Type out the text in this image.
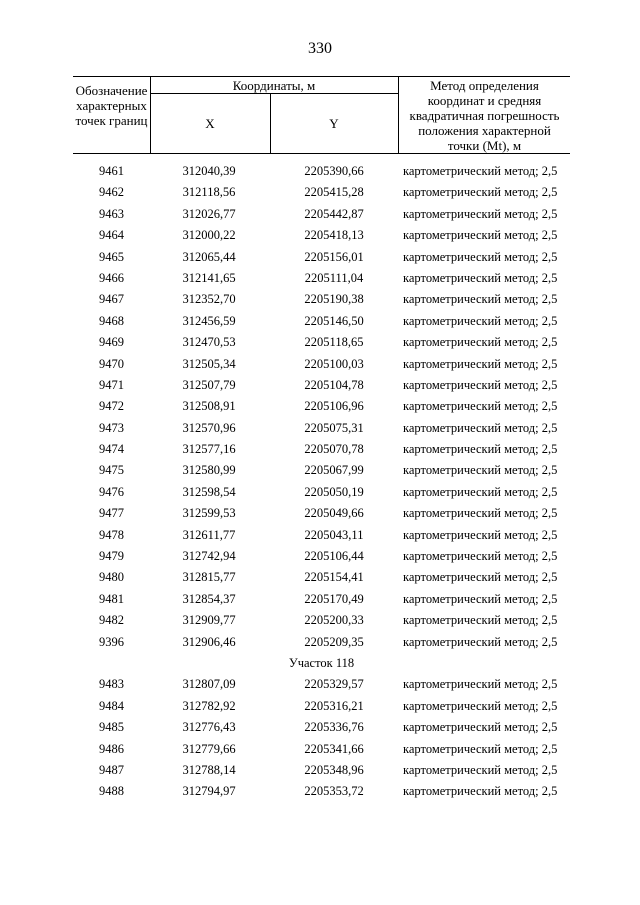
330
Обозначение характерных точек границ
Координаты, м
X	Y
Метод определения координат и средняя квадратичная погрешность положения характерной точки (Mt), м
9461	312040,39	2205390,66	картометрический метод; 2,5
9462	312118,56	2205415,28	картометрический метод; 2,5
9463	312026,77	2205442,87	картометрический метод; 2,5
9464	312000,22	2205418,13	картометрический метод; 2,5
9465	312065,44	2205156,01	картометрический метод; 2,5
9466	312141,65	2205111,04	картометрический метод; 2,5
9467	312352,70	2205190,38	картометрический метод; 2,5
9468	312456,59	2205146,50	картометрический метод; 2,5
9469	312470,53	2205118,65	картометрический метод; 2,5
9470	312505,34	2205100,03	картометрический метод; 2,5
9471	312507,79	2205104,78	картометрический метод; 2,5
9472	312508,91	2205106,96	картометрический метод; 2,5
9473	312570,96	2205075,31	картометрический метод; 2,5
9474	312577,16	2205070,78	картометрический метод; 2,5
9475	312580,99	2205067,99	картометрический метод; 2,5
9476	312598,54	2205050,19	картометрический метод; 2,5
9477	312599,53	2205049,66	картометрический метод; 2,5
9478	312611,77	2205043,11	картометрический метод; 2,5
9479	312742,94	2205106,44	картометрический метод; 2,5
9480	312815,77	2205154,41	картометрический метод; 2,5
9481	312854,37	2205170,49	картометрический метод; 2,5
9482	312909,77	2205200,33	картометрический метод; 2,5
9396	312906,46	2205209,35	картометрический метод; 2,5
Участок 118
9483	312807,09	2205329,57	картометрический метод; 2,5
9484	312782,92	2205316,21	картометрический метод; 2,5
9485	312776,43	2205336,76	картометрический метод; 2,5
9486	312779,66	2205341,66	картометрический метод; 2,5
9487	312788,14	2205348,96	картометрический метод; 2,5
9488	312794,97	2205353,72	картометрический метод; 2,5
